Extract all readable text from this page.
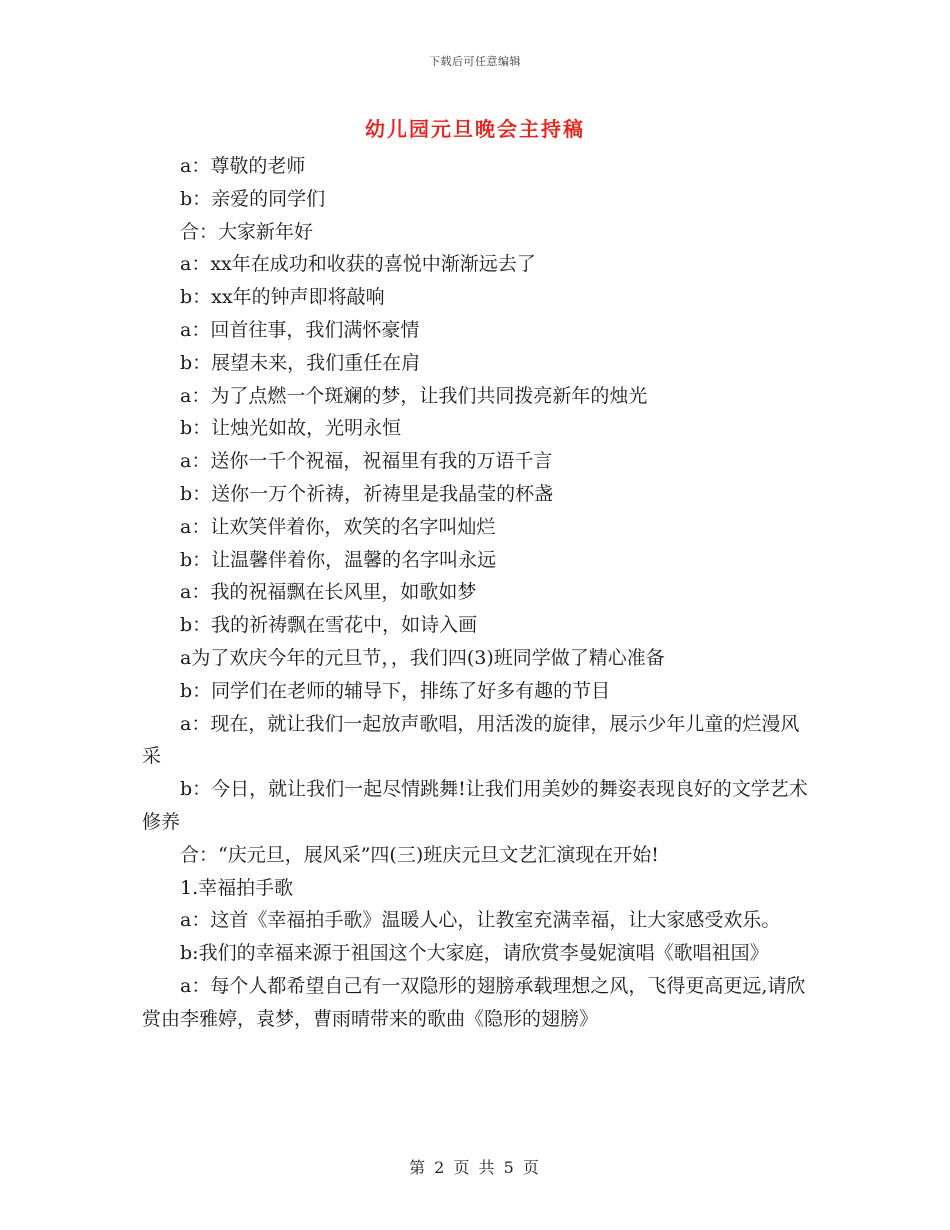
下载后可任意编辑
幼儿园元旦晚会主持稿

a：尊敬的老师

b：亲爱的同学们

合：大家新年好

a：xx年在成功和收获的喜悦中渐渐远去了

b：xx年的钟声即将敲响

a：回首往事，我们满怀豪情

b：展望未来，我们重任在肩

a：为了点燃一个斑斓的梦，让我们共同拨亮新年的烛光

b：让烛光如故，光明永恒

a：送你一千个祝福，祝福里有我的万语千言

b：送你一万个祈祷，祈祷里是我晶莹的杯盏

a：让欢笑伴着你，欢笑的名字叫灿烂

b：让温馨伴着你，温馨的名字叫永远

a：我的祝福飘在长风里，如歌如梦

b：我的祈祷飘在雪花中，如诗入画

a为了欢庆今年的元旦节，，我们四(3)班同学做了精心准备

b：同学们在老师的辅导下，排练了好多有趣的节目

a：现在，就让我们一起放声歌唱，用活泼的旋律，展示少年儿童的烂漫风采

b：今日，就让我们一起尽情跳舞!让我们用美妙的舞姿表现良好的文学艺术修养

合：“庆元旦，展风采”四(三)班庆元旦文艺汇演现在开始!

1.幸福拍手歌

a：这首《幸福拍手歌》温暖人心，让教室充满幸福，让大家感受欢乐。

b:我们的幸福来源于祖国这个大家庭，请欣赏李曼妮演唱《歌唱祖国》

a：每个人都希望自己有一双隐形的翅膀承载理想之风，飞得更高更远,请欣赏由李雅婷，袁梦，曹雨晴带来的歌曲《隐形的翅膀》

第 2 页 共 5 页
